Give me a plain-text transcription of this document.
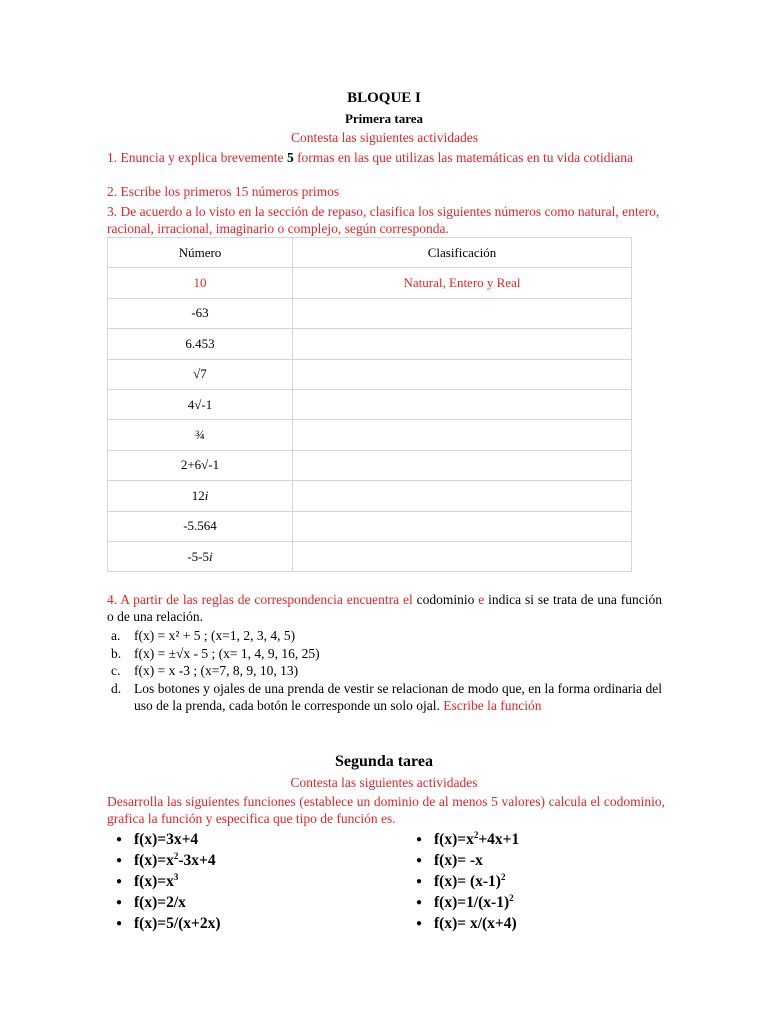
BLOQUE I
Primera tarea
Contesta las siguientes actividades
1. Enuncia y explica brevemente 5 formas en las que utilizas las matemáticas en tu vida cotidiana
2. Escribe los primeros 15 números primos
3. De acuerdo a lo visto en la sección de repaso, clasifica los siguientes números como natural, entero, racional, irracional, imaginario o complejo, según corresponda.
Número	Clasificación
10	Natural, Entero y Real
-63	
6.453	
√7	
4√-1	
¾	
2+6√-1	
12i	
-5.564	
-5-5i	
4. A partir de las reglas de correspondencia encuentra el codominio e indica si se trata de una función o de una relación.
a. f(x) = x² + 5 ; (x=1, 2, 3, 4, 5)
b. f(x) = ±√x - 5 ; (x= 1, 4, 9, 16, 25)
c. f(x) = x -3 ; (x=7, 8, 9, 10, 13)
d. Los botones y ojales de una prenda de vestir se relacionan de modo que, en la forma ordinaria del uso de la prenda, cada botón le corresponde un solo ojal. Escribe la función
Segunda tarea
Contesta las siguientes actividades
Desarrolla las siguientes funciones (establece un dominio de al menos 5 valores) calcula el codominio, grafica la función y especifica que tipo de función es.
● f(x)=3x+4
● $f(x)=x^2-3x+4$
● $f(x)=x^3$
● f(x)=2/x
● f(x)=5/(x+2x)
● $f(x)=x^2+4x+1$
● f(x)= -x
● $f(x)= (x-1)^2$
● $f(x)=1/(x-1)^2$
● f(x)= x/(x+4)
